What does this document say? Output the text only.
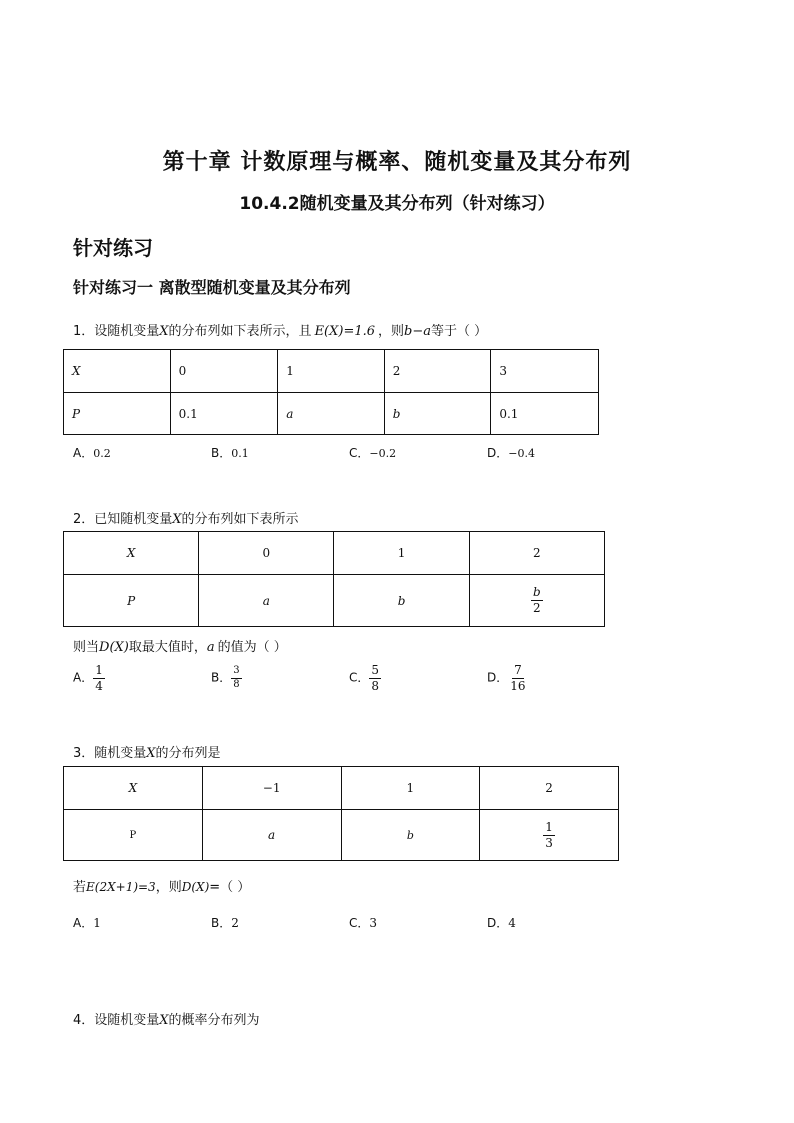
第十章 计数原理与概率、随机变量及其分布列
10.4.2随机变量及其分布列（针对练习）
针对练习
针对练习一 离散型随机变量及其分布列
1．设随机变量X的分布列如下表所示，且 E(X)=1.6 ，则b−a等于（ ）
X	0	1	2	3
P	0.1	a	b	0.1
A．0.2	B．0.1	C．−0.2	D．−0.4
2．已知随机变量X的分布列如下表所示
X	0	1	2
P	a	b	$\frac{b}{2}$
则当D(X)取最大值时，a 的值为（ ）
A． $\frac{1}{4}$	B． $\frac{3}{8}$	C． $\frac{5}{8}$	D． $\frac{7}{16}$
3．随机变量X的分布列是
X	−1	1	2
P	a	b	$\frac{1}{3}$
若E(2X+1)=3，则D(X)=（ ）
A．1	B．2	C．3	D．4
4．设随机变量X的概率分布列为
